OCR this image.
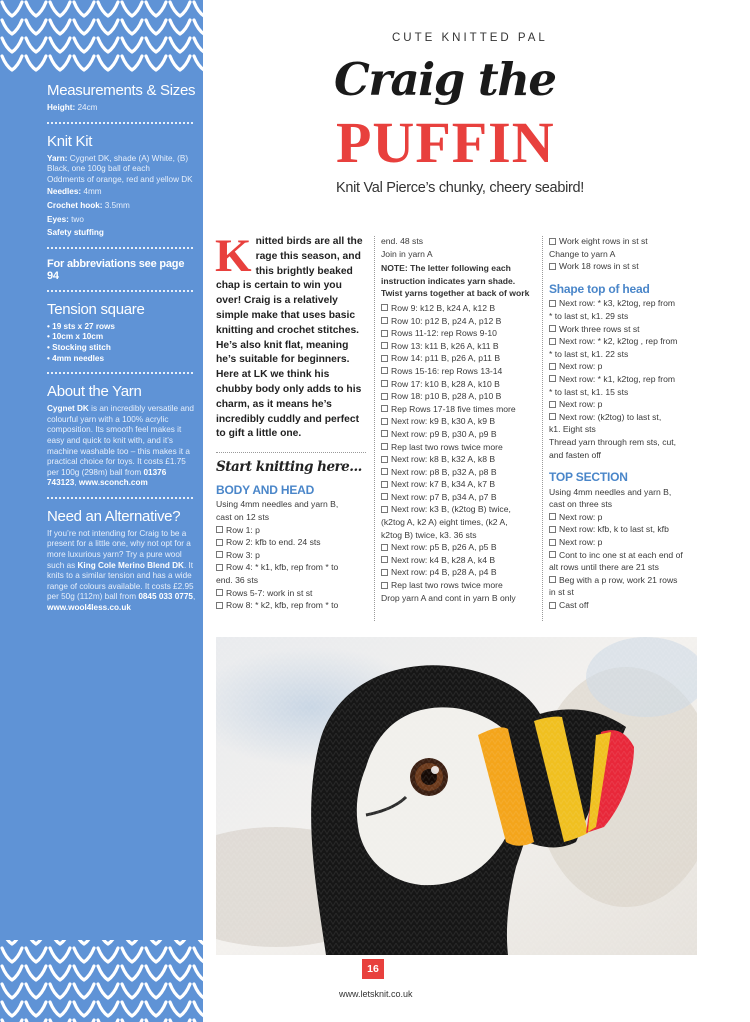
Measurements & Sizes
Height: 24cm
Knit Kit
Yarn: Cygnet DK, shade (A) White, (B) Black, one 100g ball of each
Oddments of orange, red and yellow DK
Needles: 4mm
Crochet hook: 3.5mm
Eyes: two
Safety stuffing
For abbreviations see page 94
Tension square
• 19 sts x 27 rows
• 10cm x 10cm
• Stocking stitch
• 4mm needles
About the Yarn
Cygnet DK is an incredibly versatile and colourful yarn with a 100% acrylic composition. Its smooth feel makes it easy and quick to knit with, and it’s machine washable too – this makes it a practical choice for toys. It costs £1.75 per 100g (298m) ball from 01376 743123, www.sconch.com
Need an Alternative?
If you’re not intending for Craig to be a present for a little one, why not opt for a more luxurious yarn? Try a pure wool such as King Cole Merino Blend DK. It knits to a similar tension and has a wide range of colours available. It costs £2.95 per 50g (112m) ball from 0845 033 0775, www.wool4less.co.uk
CUTE KNITTED PAL
Craig the
PUFFIN
Knit Val Pierce’s chunky, cheery seabird!
Knitted birds are all the rage this season, and this brightly beaked chap is certain to win you over! Craig is a relatively simple make that uses basic knitting and crochet stitches. He’s also knit flat, meaning he’s suitable for beginners. Here at LK we think his chubby body only adds to his charm, as it means he’s incredibly cuddly and perfect to gift a little one.
Start knitting here...
BODY AND HEAD
Using 4mm needles and yarn B,
cast on 12 sts
Row 1: p
Row 2: kfb to end. 24 sts
Row 3: p
Row 4: * k1, kfb, rep from * to
end. 36 sts
Rows 5-7: work in st st
Row 8: * k2, kfb, rep from * to
end. 48 sts
Join in yarn A
NOTE: The letter following each instruction indicates yarn shade. Twist yarns together at back of work
Row 9: k12 B, k24 A, k12 B
Row 10: p12 B, p24 A, p12 B
Rows 11-12: rep Rows 9-10
Row 13: k11 B, k26 A, k11 B
Row 14: p11 B, p26 A, p11 B
Rows 15-16: rep Rows 13-14
Row 17: k10 B, k28 A, k10 B
Row 18: p10 B, p28 A, p10 B
Rep Rows 17-18 five times more
Next row: k9 B, k30 A, k9 B
Next row: p9 B, p30 A, p9 B
Rep last two rows twice more
Next row: k8 B, k32 A, k8 B
Next row: p8 B, p32 A, p8 B
Next row: k7 B, k34 A, k7 B
Next row: p7 B, p34 A, p7 B
Next row: k3 B, (k2tog B) twice,
(k2tog A, k2 A) eight times, (k2 A,
k2tog B) twice, k3. 36 sts
Next row: p5 B, p26 A, p5 B
Next row: k4 B, k28 A, k4 B
Next row: p4 B, p28 A, p4 B
Rep last two rows twice more
Drop yarn A and cont in yarn B only
Work eight rows in st st
Change to yarn A
Work 18 rows in st st
Shape top of head
Next row: * k3, k2tog, rep from
* to last st, k1. 29 sts
Work three rows st st
Next row: * k2, k2tog , rep from
* to last st, k1. 22 sts
Next row: p
Next row: * k1, k2tog, rep from
* to last st, k1. 15 sts
Next row: p
Next row: (k2tog) to last st,
k1. Eight sts
Thread yarn through rem sts, cut,
and fasten off
TOP SECTION
Using 4mm needles and yarn B,
cast on three sts
Next row: p
Next row: kfb, k to last st, kfb
Next row: p
Cont to inc one st at each end of
alt rows until there are 21 sts
Beg with a p row, work 21 rows
in st st
Cast off
16
www.letsknit.co.uk
